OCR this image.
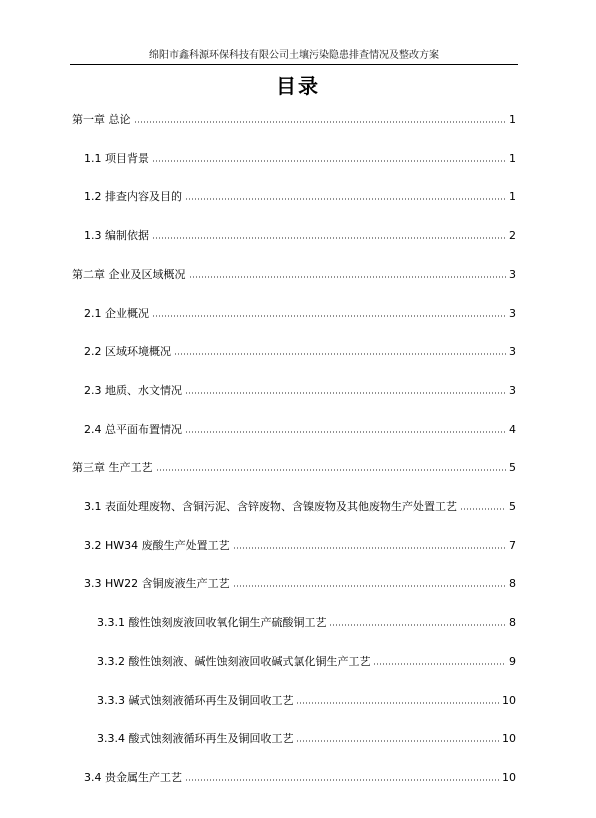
绵阳市鑫科源环保科技有限公司土壤污染隐患排查情况及整改方案
目录
第一章 总论	1
1.1 项目背景	1
1.2 排查内容及目的	1
1.3 编制依据	2
第二章 企业及区域概况	3
2.1 企业概况	3
2.2 区域环境概况	3
2.3 地质、水文情况	3
2.4 总平面布置情况	4
第三章 生产工艺	5
3.1 表面处理废物、含铜污泥、含锌废物、含镍废物及其他废物生产处置工艺	5
3.2 HW34 废酸生产处置工艺	7
3.3 HW22 含铜废液生产工艺	8
3.3.1 酸性蚀刻废液回收氧化铜生产硫酸铜工艺	8
3.3.2 酸性蚀刻液、碱性蚀刻液回收碱式氯化铜生产工艺	9
3.3.3 碱式蚀刻液循环再生及铜回收工艺	10
3.3.4 酸式蚀刻液循环再生及铜回收工艺	10
3.4 贵金属生产工艺	10
